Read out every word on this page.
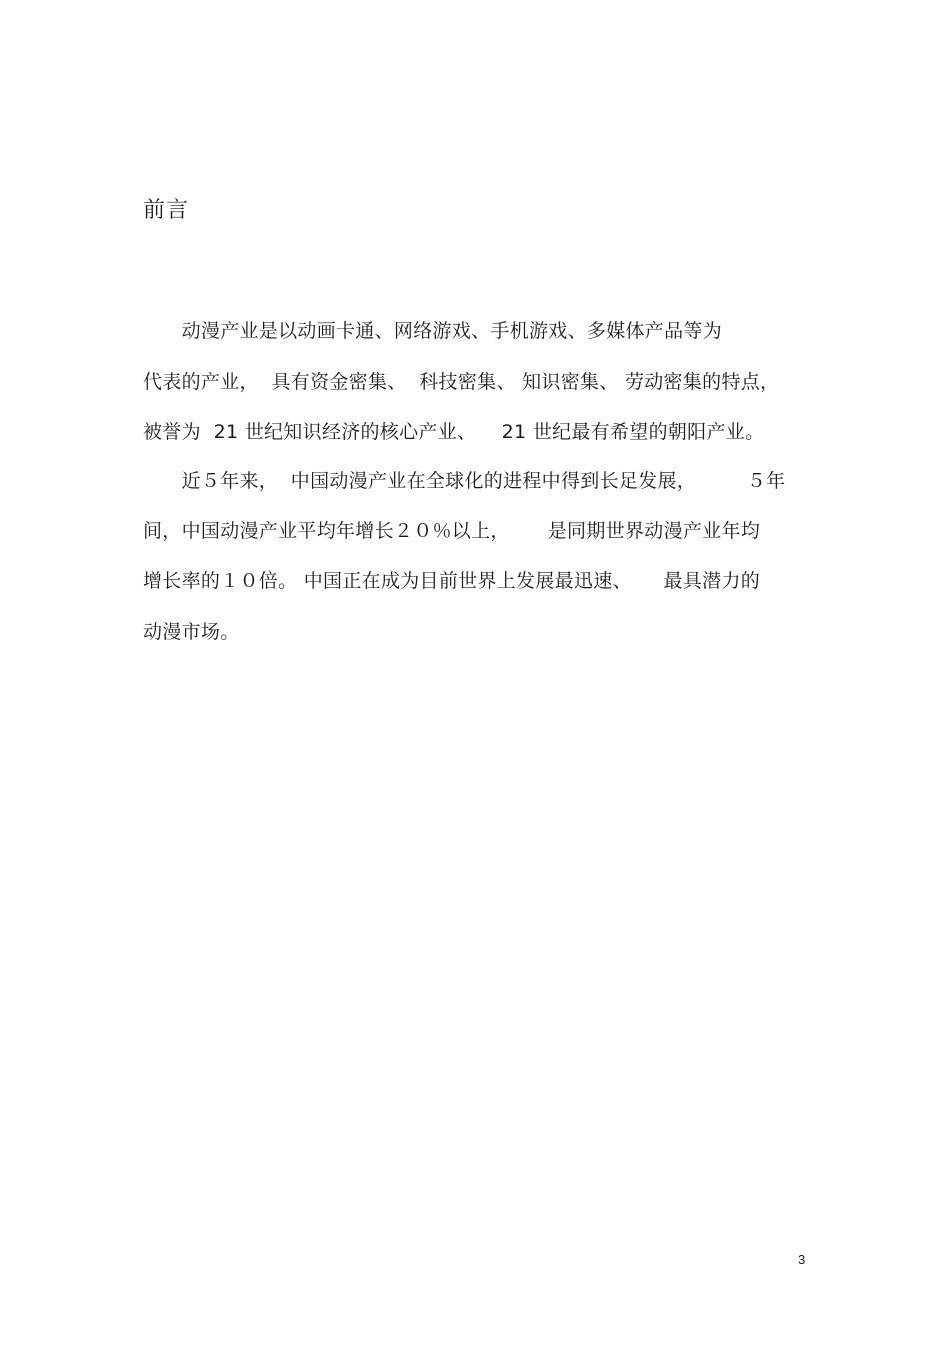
前言
　　动漫产业是以动画卡通、网络游戏、手机游戏、多媒体产品等为
代表的产业，  具有资金密集、  科技密集、 知识密集、 劳动密集的特点，
被誉为  21 世纪知识经济的核心产业、    21 世纪最有希望的朝阳产业。
　　近５年来，  中国动漫产业在全球化的进程中得到长足发展，        ５年
间，中国动漫产业平均年增长２０％以上，      是同期世界动漫产业年均
增长率的１０倍。 中国正在成为目前世界上发展最迅速、     最具潜力的
动漫市场。
3
